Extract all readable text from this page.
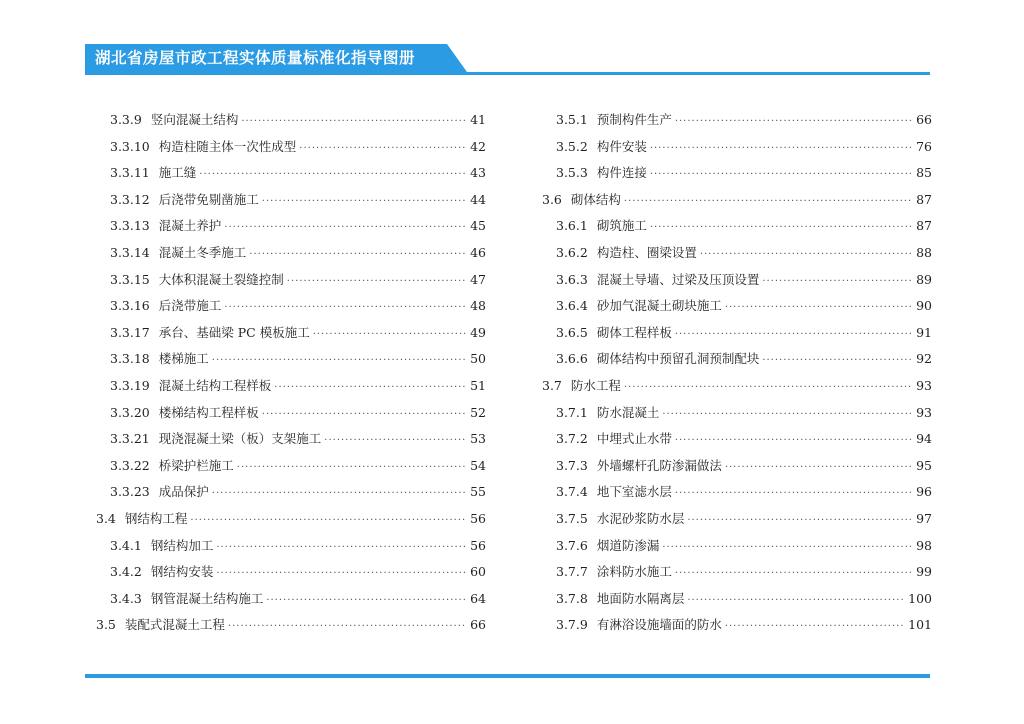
湖北省房屋市政工程实体质量标准化指导图册
3.3.9 竖向混凝土结构 ·····	41
3.3.10 构造柱随主体一次性成型 ·····	42
3.3.11 施工缝 ·····	43
3.3.12 后浇带免剔凿施工 ·····	44
3.3.13 混凝土养护 ·····	45
3.3.14 混凝土冬季施工 ·····	46
3.3.15 大体积混凝土裂缝控制 ·····	47
3.3.16 后浇带施工 ·····	48
3.3.17 承台、基础梁 PC 模板施工 ·····	49
3.3.18 楼梯施工 ·····	50
3.3.19 混凝土结构工程样板 ·····	51
3.3.20 楼梯结构工程样板 ·····	52
3.3.21 现浇混凝土梁（板）支架施工 ·····	53
3.3.22 桥梁护栏施工 ·····	54
3.3.23 成品保护 ·····	55
3.4 钢结构工程 ·····	56
3.4.1 钢结构加工 ·····	56
3.4.2 钢结构安装 ·····	60
3.4.3 钢管混凝土结构施工 ·····	64
3.5 装配式混凝土工程 ·····	66
3.5.1 预制构件生产 ·····	66
3.5.2 构件安装 ·····	76
3.5.3 构件连接 ·····	85
3.6 砌体结构 ·····	87
3.6.1 砌筑施工 ·····	87
3.6.2 构造柱、圈梁设置 ·····	88
3.6.3 混凝土导墙、过梁及压顶设置 ·····	89
3.6.4 砂加气混凝土砌块施工 ·····	90
3.6.5 砌体工程样板 ·····	91
3.6.6 砌体结构中预留孔洞预制配块 ·····	92
3.7 防水工程 ·····	93
3.7.1 防水混凝土 ·····	93
3.7.2 中埋式止水带 ·····	94
3.7.3 外墙螺杆孔防渗漏做法 ·····	95
3.7.4 地下室滤水层 ·····	96
3.7.5 水泥砂浆防水层 ·····	97
3.7.6 烟道防渗漏 ·····	98
3.7.7 涂料防水施工 ·····	99
3.7.8 地面防水隔离层 ·····	100
3.7.9 有淋浴设施墙面的防水 ·····	101
